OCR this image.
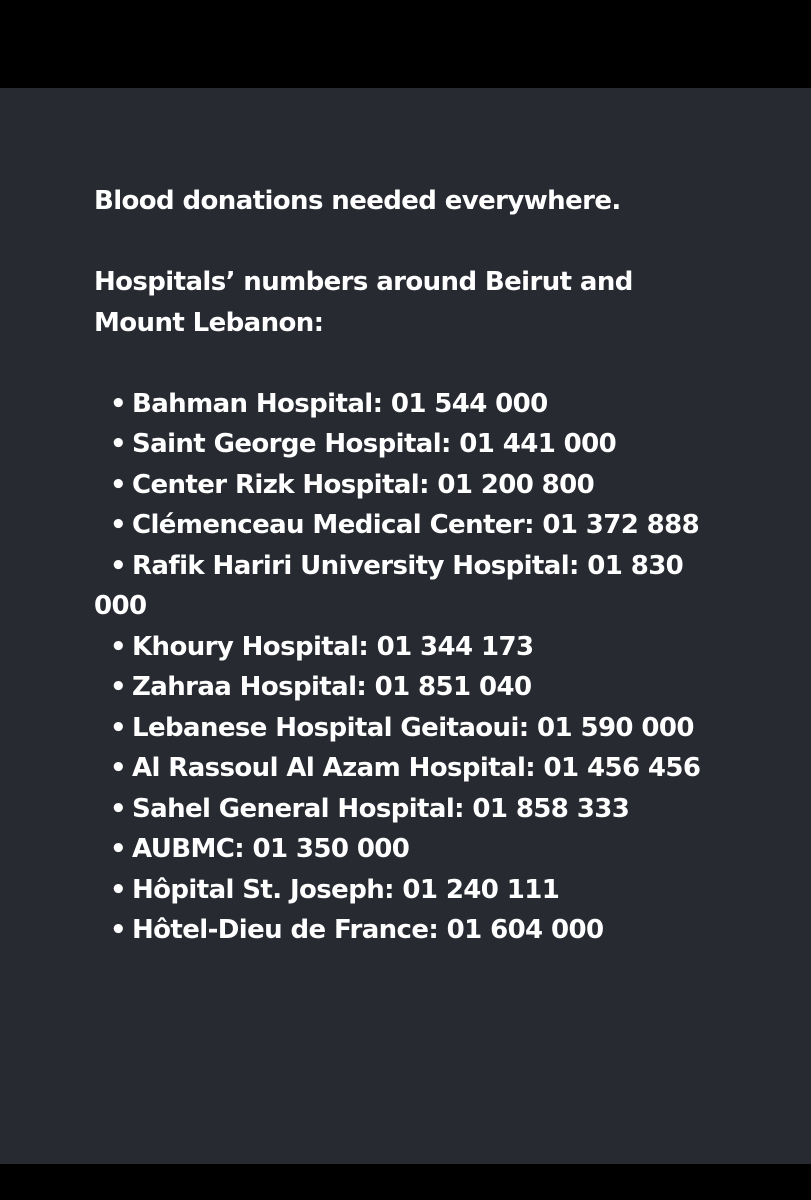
Blood donations needed everywhere.

Hospitals’ numbers around Beirut and Mount Lebanon:

• Bahman Hospital: 01 544 000
• Saint George Hospital: 01 441 000
• Center Rizk Hospital: 01 200 800
• Clémenceau Medical Center: 01 372 888
• Rafik Hariri University Hospital: 01 830 000
• Khoury Hospital: 01 344 173
• Zahraa Hospital: 01 851 040
• Lebanese Hospital Geitaoui: 01 590 000
• Al Rassoul Al Azam Hospital: 01 456 456
• Sahel General Hospital: 01 858 333
• AUBMC: 01 350 000
• Hôpital St. Joseph: 01 240 111
• Hôtel-Dieu de France: 01 604 000
